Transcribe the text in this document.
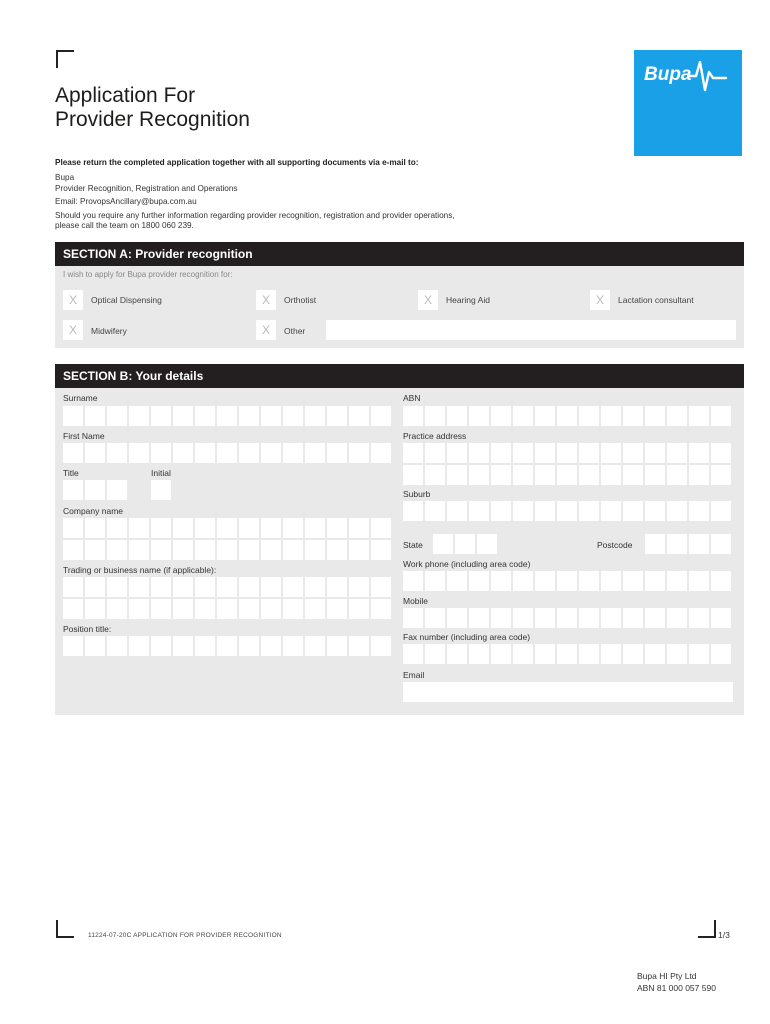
Bupa
Application For
Provider Recognition
Please return the completed application together with all supporting documents via e-mail to:
Bupa
Provider Recognition, Registration and Operations
Email: ProvopsAncillary@bupa.com.au
Should you require any further information regarding provider recognition, registration and provider operations,
please call the team on 1800 060 239.
SECTION A: Provider recognition
I wish to apply for Bupa provider recognition for:
X	Optical Dispensing	X	Orthotist	X	Hearing Aid	X	Lactation consultant
X	Midwifery	X	Other
SECTION B: Your details
Surname
First Name
Title	Initial
Company name
Trading or business name (if applicable):
Position title:
ABN
Practice address
Suburb
State	Postcode
Work phone (including area code)
Mobile
Fax number (including area code)
Email
11224-07-20C APPLICATION FOR PROVIDER RECOGNITION	1/3
Bupa HI Pty Ltd
ABN 81 000 057 590
